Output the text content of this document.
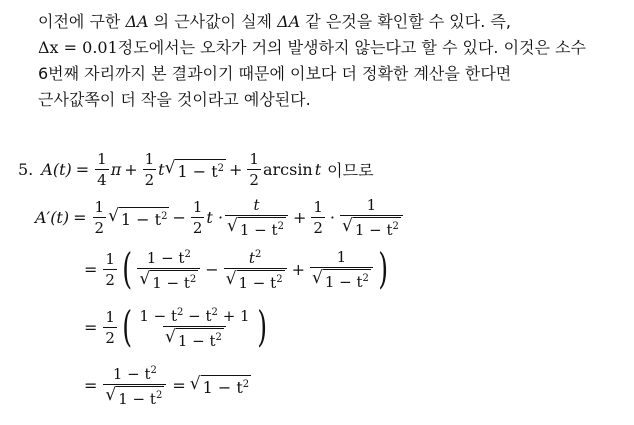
이전에 구한 ΔA 의 근사값이 실제 ΔA 같 은것을 확인할 수 있다. 즉,
Δx = 0.01정도에서는 오차가 거의 발생하지 않는다고 할 수 있다. 이것은 소수
6번째 자리까지 본 결과이기 때문에 이보다 더 정확한 계산을 한다면
근사값쪽이 더 작을 것이라고 예상된다.
5. $A(t) = \frac{1}{4}$ $\pi + \frac{1}{2}$ t √ $1 - t^2 + \frac{1}{2}$ arcsin t 이므로
$A'(t) = \frac{1}{2}$ √ $1 - t^2 - \frac{1}{2}$ $t \cdot \frac{t}{√ 1 - t^2} + \frac{1}{2} \cdot \frac{1}{√ 1 - t^2}$
= $\frac{1}{2}$ ( $\frac{1 - t^2}{√ 1 - t^2} - \frac{t^2}{√ 1 - t^2} + \frac{1}{√ 1 - t^2}$ )
= $\frac{1}{2}$ ( $\frac{1 - t^2 - t^2 + 1}{√ 1 - t^2}$ )
= $\frac{1 - t^2}{√ 1 - t^2}$ = √ $1 - t^2$
